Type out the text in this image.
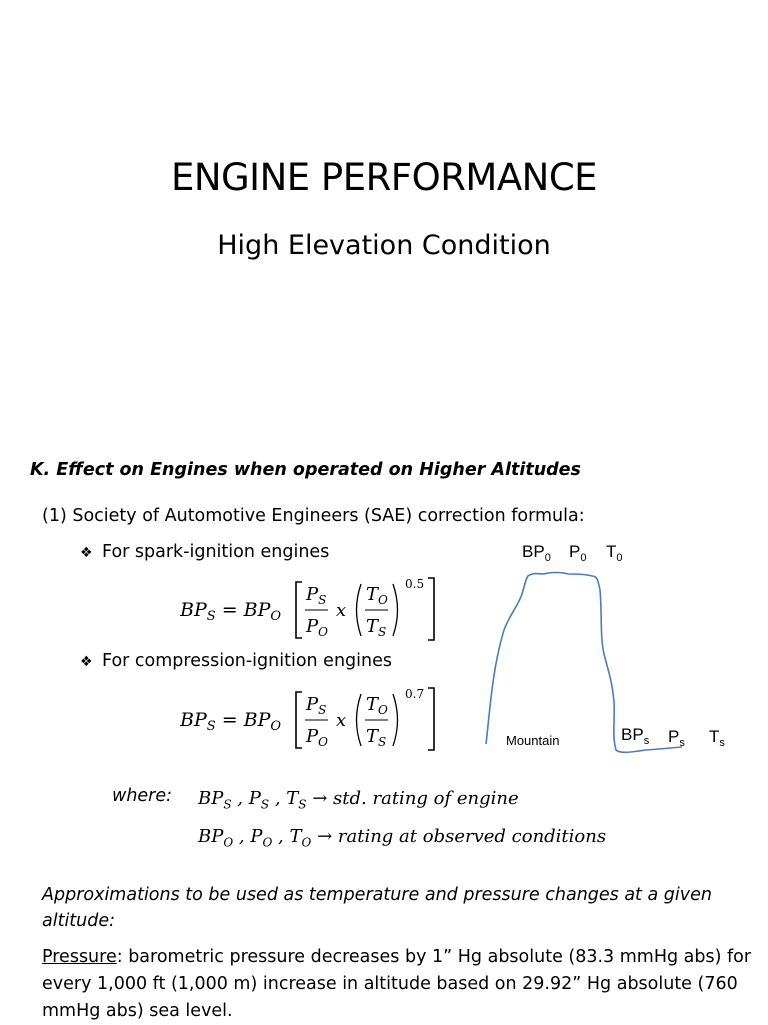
ENGINE PERFORMANCE
High Elevation Condition
K. Effect on Engines when operated on Higher Altitudes
(1) Society of Automotive Engineers (SAE) correction formula:
❖ For spark-ignition engines
$BP_S = BP_O$
$P_S$
$P_O$
x
$T_O$
$T_S$
0.5
❖ For compression-ignition engines
$BP_S = BP_O$
$P_S$
$P_O$
x
$T_O$
$T_S$
0.7
$BP_0$ $P_0$ $T_0$
Mountain	$BP_s$ $P_s$ $T_s$
where: $BP_S$ , $P_S$ , $T_S$ → std. rating of engine
$BP_O$ , $P_O$ , $T_O$ → rating at observed conditions
Approximations to be used as temperature and pressure changes at a given altitude:
Pressure: barometric pressure decreases by 1” Hg absolute (83.3 mmHg abs) for every 1,000 ft (1,000 m) increase in altitude based on 29.92” Hg absolute (760 mmHg abs) sea level.
